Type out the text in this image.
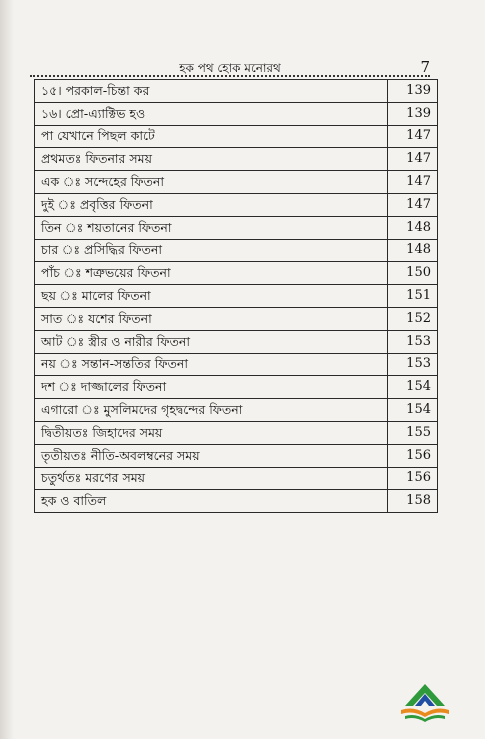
হক পথ হোক মনোরথ	7
১৫। পরকাল-চিন্তা কর	139
১৬। প্রো-এ্যাক্টিভ হও	139
পা যেখানে পিছল কাটে	147
প্রথমতঃ ফিতনার সময়	147
এক ঃ সন্দেহের ফিতনা	147
দুই ঃ প্রবৃত্তির ফিতনা	147
তিন ঃ শয়তানের ফিতনা	148
চার ঃ প্রসিদ্ধির ফিতনা	148
পাঁচ ঃ শত্রুভয়ের ফিতনা	150
ছয় ঃ মালের ফিতনা	151
সাত ঃ যশের ফিতনা	152
আট ঃ স্ত্রীর ও নারীর ফিতনা	153
নয় ঃ সন্তান-সন্ততির ফিতনা	153
দশ ঃ দাজ্জালের ফিতনা	154
এগারো ঃ মুসলিমদের গৃহদ্বন্দের ফিতনা	154
দ্বিতীয়তঃ জিহাদের সময়	155
তৃতীয়তঃ নীতি-অবলম্বনের সময়	156
চতুর্থতঃ মরণের সময়	156
হক ও বাতিল	158
